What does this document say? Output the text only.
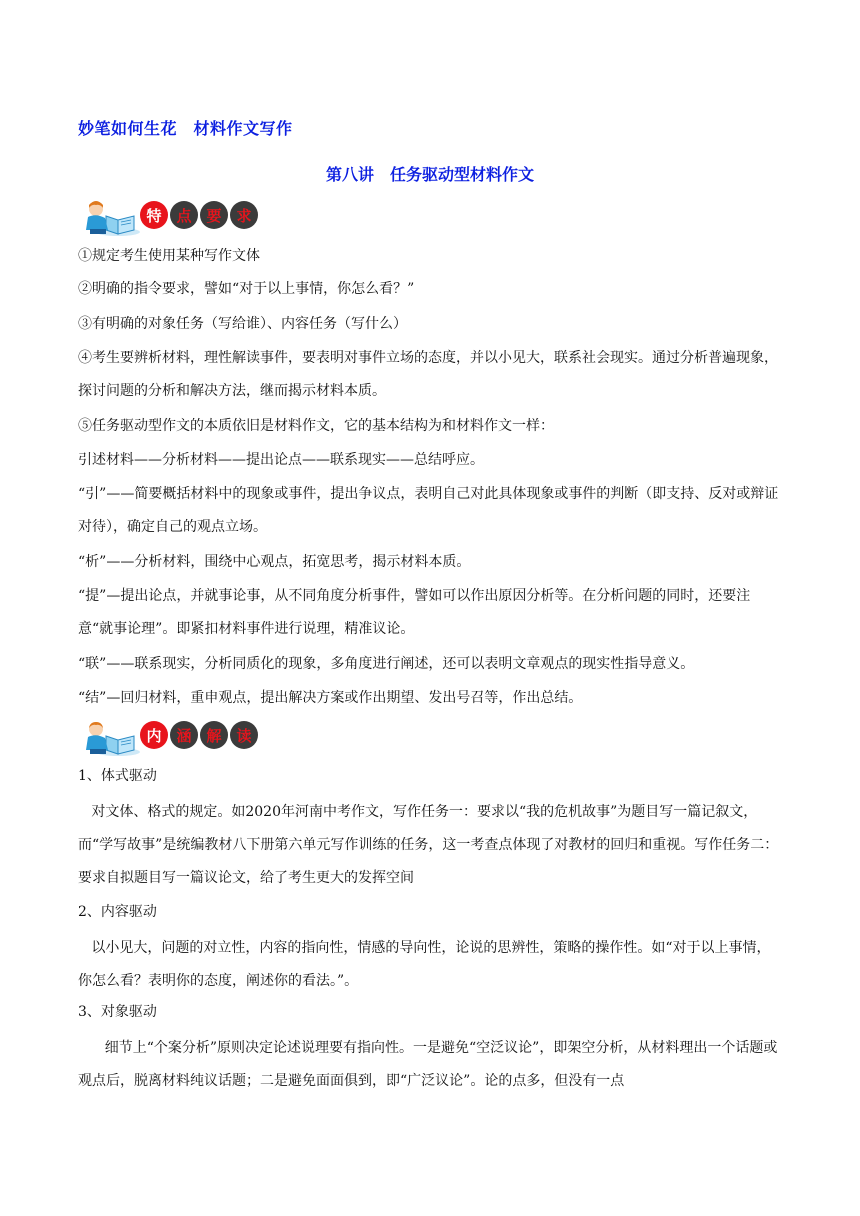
妙笔如何生花　材料作文写作
第八讲　任务驱动型材料作文
特 点 要 求
①规定考生使用某种写作文体
②明确的指令要求，譬如“对于以上事情，你怎么看？”
③有明确的对象任务（写给谁）、内容任务（写什么）
④考生要辨析材料，理性解读事件，要表明对事件立场的态度，并以小见大，联系社会现实。通过分析普遍现象，探讨问题的分析和解决方法，继而揭示材料本质。
⑤任务驱动型作文的本质依旧是材料作文，它的基本结构为和材料作文一样：
引述材料——分析材料——提出论点——联系现实——总结呼应。
“引”——简要概括材料中的现象或事件，提出争议点，表明自己对此具体现象或事件的判断（即支持、反对或辩证对待），确定自己的观点立场。
“析”——分析材料，围绕中心观点，拓宽思考，揭示材料本质。
“提”—提出论点，并就事论事，从不同角度分析事件，譬如可以作出原因分析等。在分析问题的同时，还要注意“就事论理”。即紧扣材料事件进行说理，精准议论。
“联”——联系现实，分析同质化的现象，多角度进行阐述，还可以表明文章观点的现实性指导意义。
“结”—回归材料，重申观点，提出解决方案或作出期望、发出号召等，作出总结。
内 涵 解 读
1、体式驱动
对文体、格式的规定。如2020年河南中考作文，写作任务一：要求以“我的危机故事”为题目写一篇记叙文，而“学写故事”是统编教材八下册第六单元写作训练的任务，这一考查点体现了对教材的回归和重视。写作任务二：要求自拟题目写一篇议论文，给了考生更大的发挥空间
2、内容驱动
以小见大，问题的对立性，内容的指向性，情感的导向性，论说的思辨性，策略的操作性。如“对于以上事情，你怎么看？表明你的态度，阐述你的看法。”。
3、对象驱动
细节上“个案分析”原则决定论述说理要有指向性。一是避免“空泛议论”，即架空分析，从材料理出一个话题或观点后，脱离材料纯议话题；二是避免面面俱到，即“广泛议论”。论的点多，但没有一点
